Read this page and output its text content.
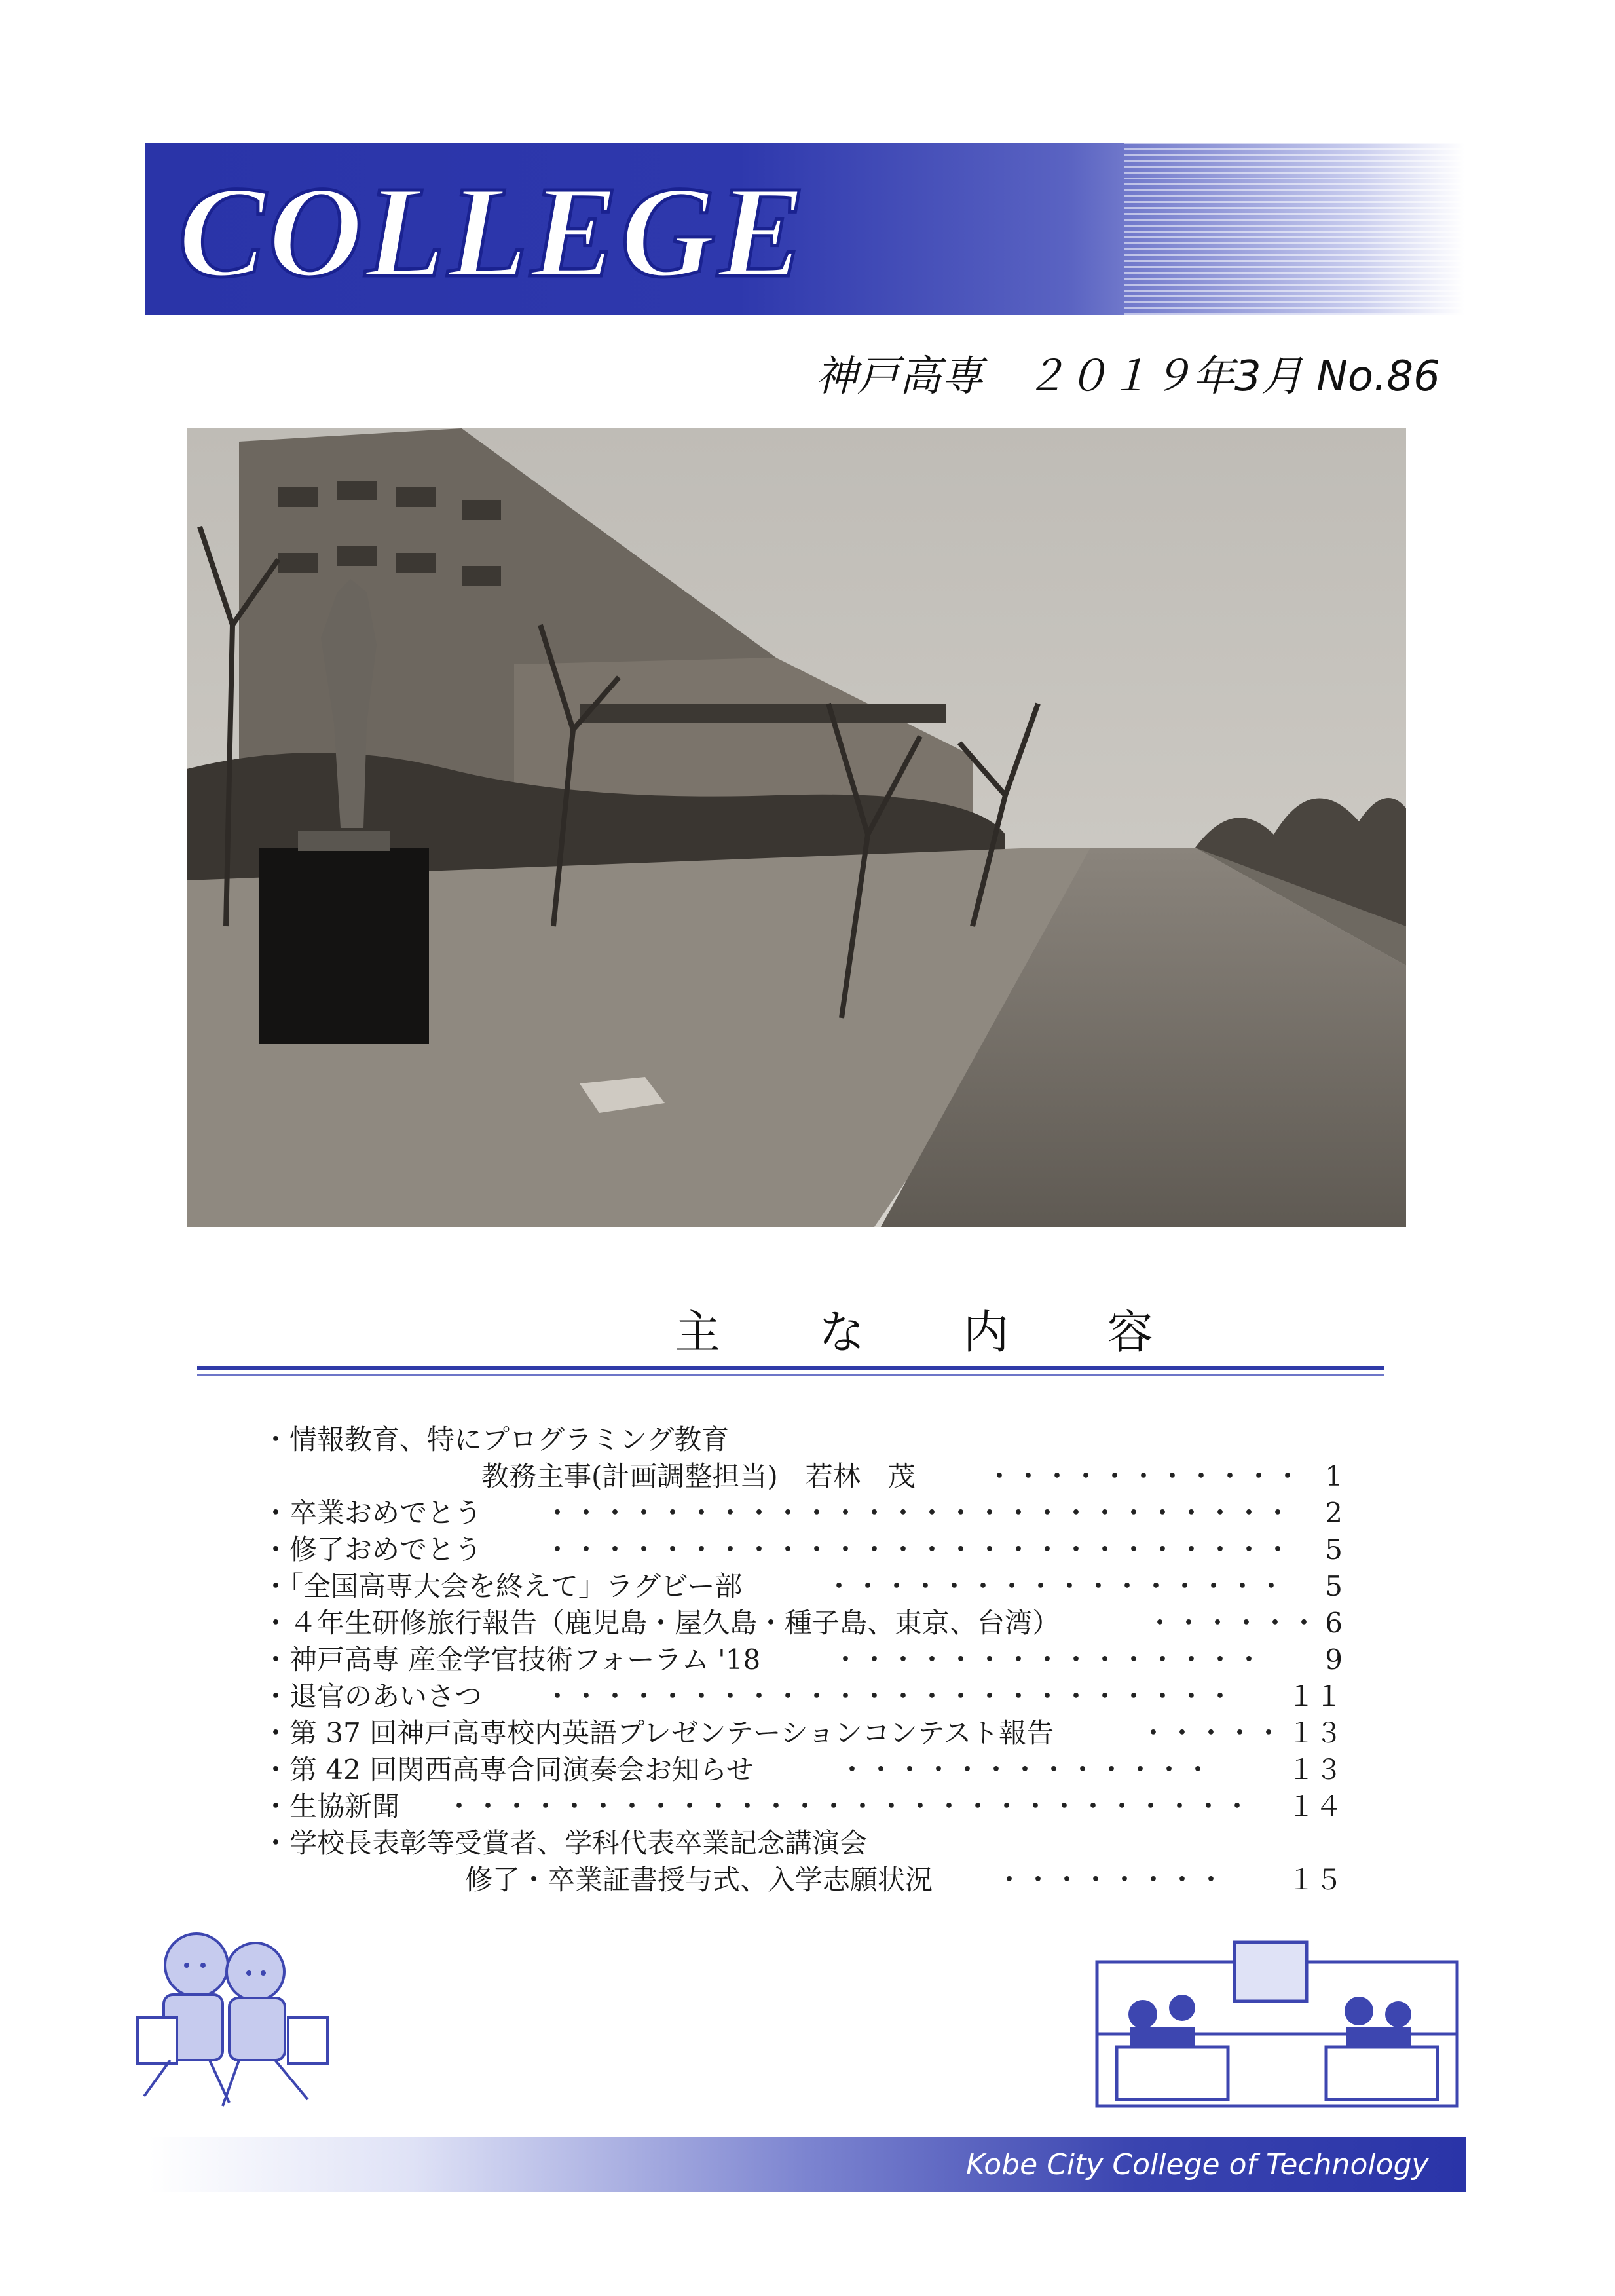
COLLEGE
神戸高専　２０１９年3月 No.86
主 な 内 容
・情報教育、特にプログラミング教育
教務主事(計画調整担当)　若林　茂	・・・・・・・・・・・ 1
・卒業おめでとう ・・・・・・・・・・・・・・・・・・・・・・・・・・ 2
・修了おめでとう ・・・・・・・・・・・・・・・・・・・・・・・・・・ 5
・「全国高専大会を終えて」ラグビー部	・・・・・・・・・・・・・・・・ 5
・４年生研修旅行報告（鹿児島・屋久島・種子島、東京、台湾）	・・・・・・ 6
・神戸高専 産金学官技術フォーラム '18	・・・・・・・・・・・・・・・ 9
・退官のあいさつ ・・・・・・・・・・・・・・・・・・・・・・・・ １１
・第 37 回神戸高専校内英語プレゼンテーションコンテスト報告	・・・・・ １３
・第 42 回関西高専合同演奏会お知らせ	・・・・・・・・・・・・・	１３
・生協新聞 ・・・・・・・・・・・・・・・・・・・・・・・・・・・・ １４
・学校長表彰等受賞者、学科代表卒業記念講演会
修了・卒業証書授与式、入学志願状況 ・・・・・・・・ １５
Kobe City College of Technology
